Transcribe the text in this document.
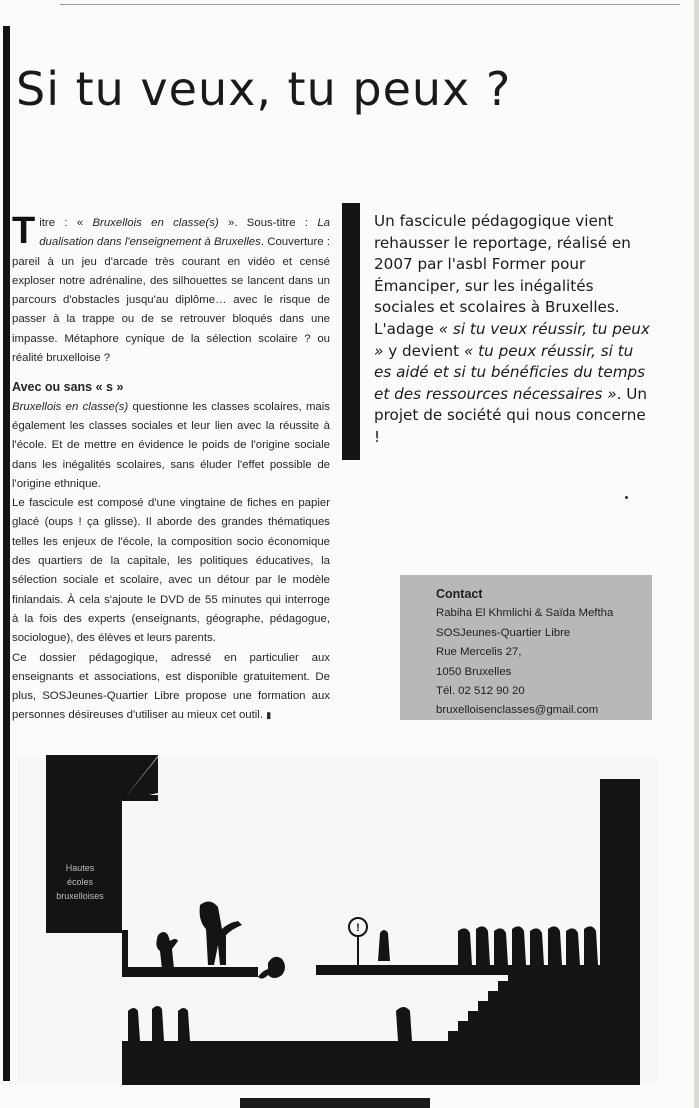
Si tu veux, tu peux ?

Titre : « Bruxellois en classe(s) ». Sous-titre : La dualisation dans l'enseignement à Bruxelles. Couverture : pareil à un jeu d'arcade très courant en vidéo et censé exploser notre adrénaline, des silhouettes se lancent dans un parcours d'obstacles jusqu'au diplôme… avec le risque de passer à la trappe ou de se retrouver bloqués dans une impasse. Métaphore cynique de la sélection scolaire ? ou réalité bruxelloise ?

Avec ou sans « s »

Bruxellois en classe(s) questionne les classes scolaires, mais également les classes sociales et leur lien avec la réussite à l'école. Et de mettre en évidence le poids de l'origine sociale dans les inégalités scolaires, sans éluder l'effet possible de l'origine ethnique.

Le fascicule est composé d'une vingtaine de fiches en papier glacé (oups ! ça glisse). Il aborde des grandes thématiques telles les enjeux de l'école, la composition socio économique des quartiers de la capitale, les politiques éducatives, la sélection sociale et scolaire, avec un détour par le modèle finlandais. À cela s'ajoute le DVD de 55 minutes qui interroge à la fois des experts (enseignants, géographe, pédagogue, sociologue), des élèves et leurs parents.

Ce dossier pédagogique, adressé en particulier aux enseignants et associations, est disponible gratuitement. De plus, SOSJeunes-Quartier Libre propose une formation aux personnes désireuses d'utiliser au mieux cet outil. ▮

Un fascicule pédagogique vient rehausser le reportage, réalisé en 2007 par l'asbl Former pour Émanciper, sur les inégalités sociales et scolaires à Bruxelles. L'adage « si tu veux réussir, tu peux » y devient « tu peux réussir, si tu es aidé et si tu bénéficies du temps et des ressources nécessaires ». Un projet de société qui nous concerne !
Contact
Rabiha El Khmlichi & Saïda Meftha
SOSJeunes-Quartier Libre
Rue Mercelis 27,
1050 Bruxelles
Tél. 02 512 90 20
bruxelloisenclasses@gmail.com
Hautes
écoles
bruxelloises
!
